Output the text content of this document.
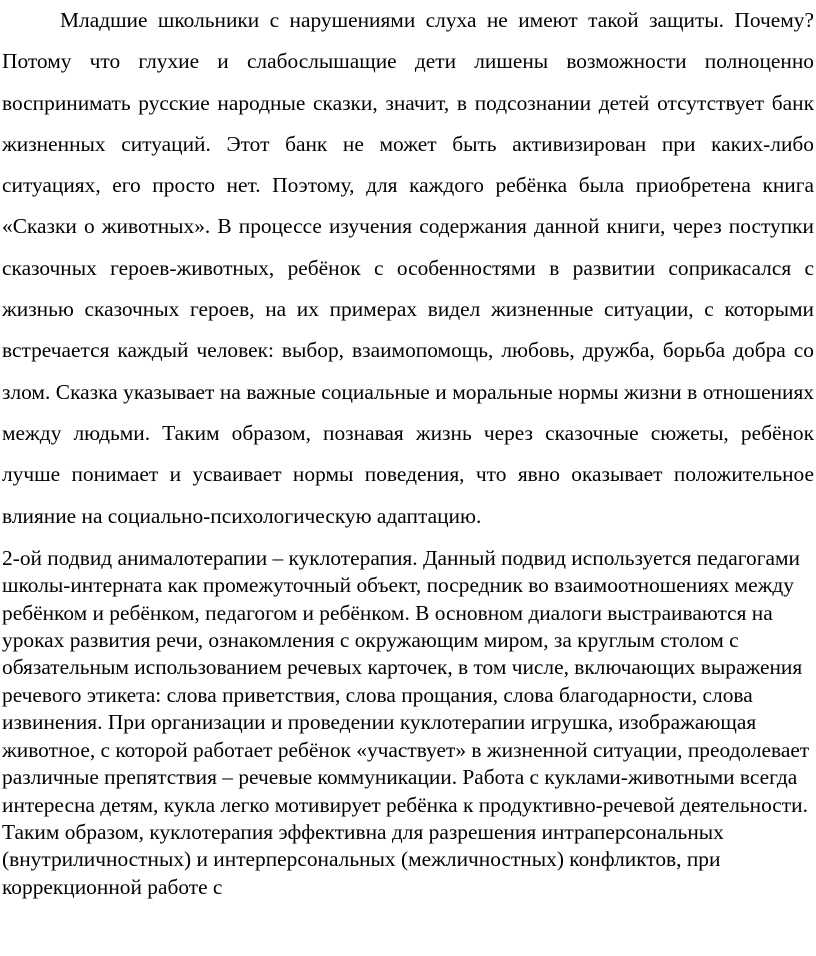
Младшие школьники с нарушениями слуха не имеют такой защиты. Почему? Потому что глухие и слабослышащие дети лишены возможности полноценно воспринимать русские народные сказки, значит, в подсознании детей отсутствует банк жизненных ситуаций. Этот банк не может быть активизирован при каких-либо ситуациях, его просто нет. Поэтому, для каждого ребёнка была приобретена книга «Сказки о животных». В процессе изучения содержания данной книги, через поступки сказочных героев-животных, ребёнок с особенностями в развитии соприкасался с жизнью сказочных героев, на их примерах видел жизненные ситуации, с которыми встречается каждый человек: выбор, взаимопомощь, любовь, дружба, борьба добра со злом. Сказка указывает на важные социальные и моральные нормы жизни в отношениях между людьми. Таким образом, познавая жизнь через сказочные сюжеты, ребёнок лучше понимает и усваивает нормы поведения, что явно оказывает положительное влияние на социально-психологическую адаптацию.

2-ой подвид анималотерапии – куклотерапия. Данный подвид используется педагогами школы-интерната как промежуточный объект, посредник во взаимоотношениях между ребёнком и ребёнком, педагогом и ребёнком. В основном диалоги выстраиваются на уроках развития речи, ознакомления с окружающим миром, за круглым столом с обязательным использованием речевых карточек, в том числе, включающих выражения речевого этикета: слова приветствия, слова прощания, слова благодарности, слова извинения. При организации и проведении куклотерапии игрушка, изображающая животное, с которой работает ребёнок «участвует» в жизненной ситуации, преодолевает различные препятствия – речевые коммуникации. Работа с куклами-животными всегда интересна детям, кукла легко мотивирует ребёнка к продуктивно-речевой деятельности. Таким образом, куклотерапия эффективна для разрешения интраперсональных (внутриличностных) и интерперсональных (межличностных) конфликтов, при коррекционной работе с
